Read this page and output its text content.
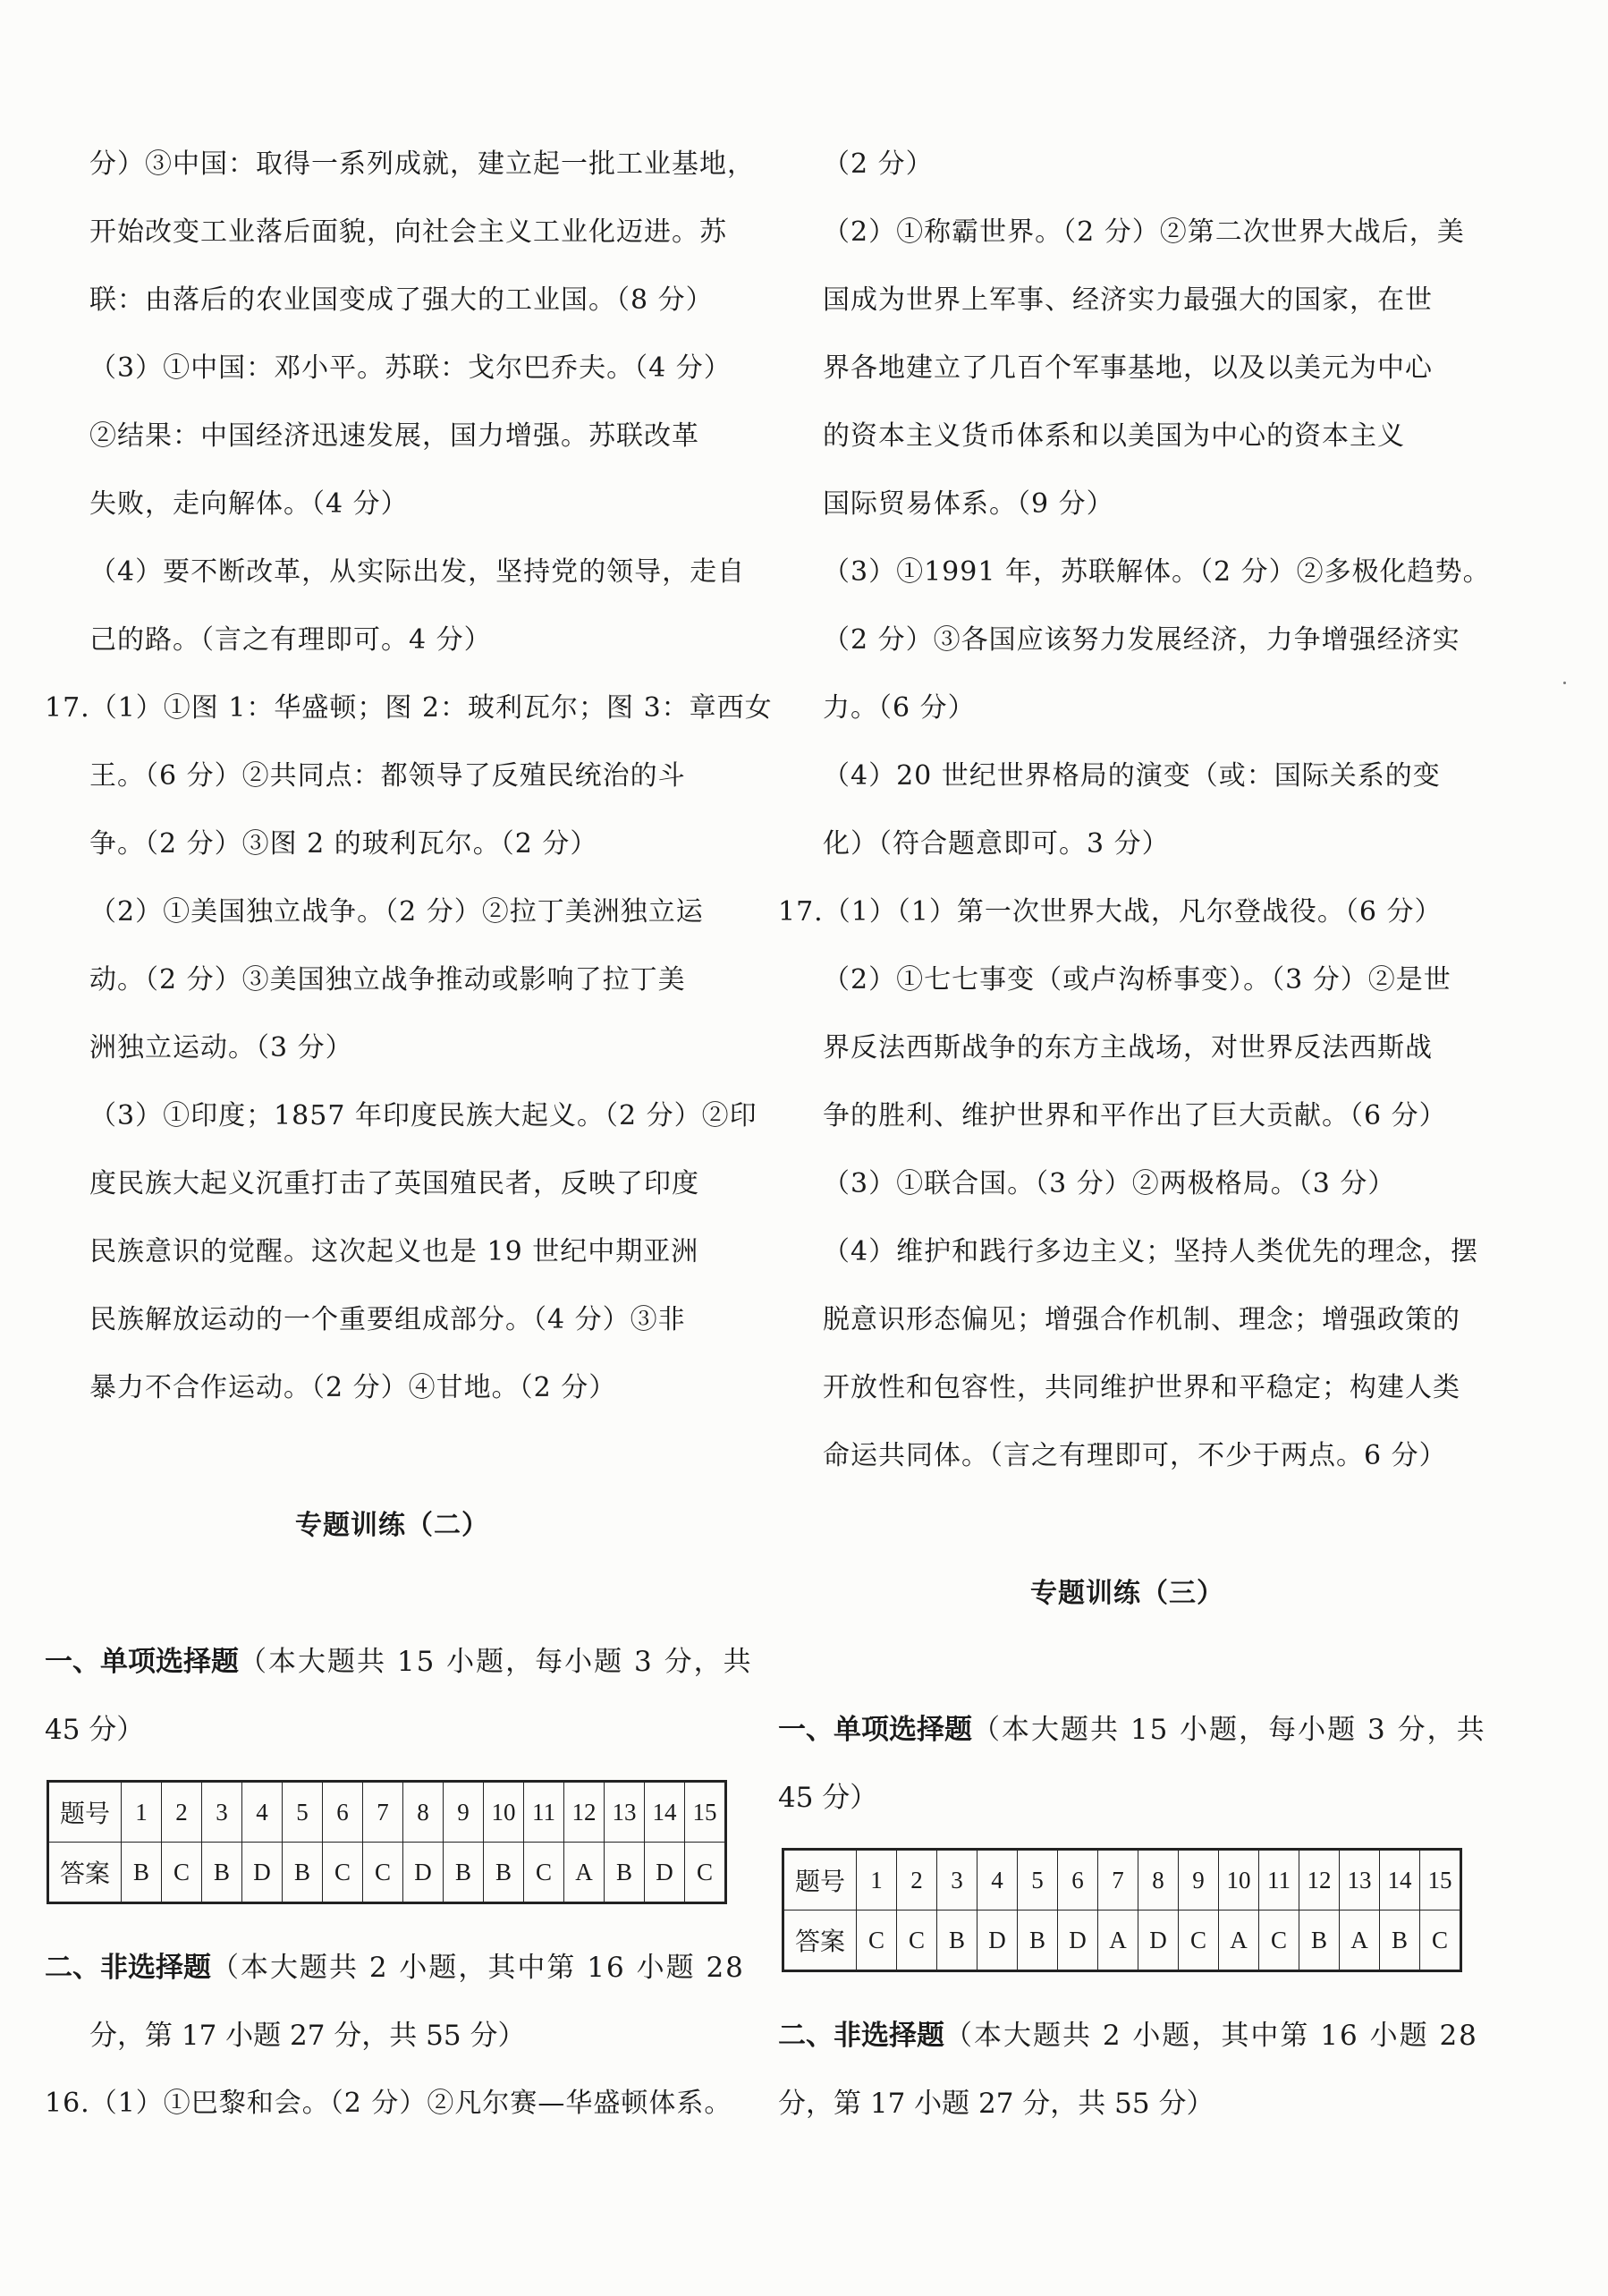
分）③中国：取得一系列成就，建立起一批工业基地，
开始改变工业落后面貌，向社会主义工业化迈进。苏
联：由落后的农业国变成了强大的工业国。（8 分）
（3）①中国：邓小平。苏联：戈尔巴乔夫。（4 分）
②结果：中国经济迅速发展，国力增强。苏联改革
失败，走向解体。（4 分）
（4）要不断改革，从实际出发，坚持党的领导，走自
己的路。（言之有理即可。4 分）
17.（1）①图 1：华盛顿；图 2：玻利瓦尔；图 3：章西女
王。（6 分）②共同点：都领导了反殖民统治的斗
争。（2 分）③图 2 的玻利瓦尔。（2 分）
（2）①美国独立战争。（2 分）②拉丁美洲独立运
动。（2 分）③美国独立战争推动或影响了拉丁美
洲独立运动。（3 分）
（3）①印度；1857 年印度民族大起义。（2 分）②印
度民族大起义沉重打击了英国殖民者，反映了印度
民族意识的觉醒。这次起义也是 19 世纪中期亚洲
民族解放运动的一个重要组成部分。（4 分）③非
暴力不合作运动。（2 分）④甘地。（2 分）
专题训练（二）
一、单项选择题（本大题共 15 小题，每小题 3 分，共
45 分）
题号	1	2	3	4	5	6	7	8	9	10	11	12	13	14	15
答案	B	C	B	D	B	C	C	D	B	B	C	A	B	D	C
二、非选择题（本大题共 2 小题，其中第 16 小题 28
分，第 17 小题 27 分，共 55 分）
16.（1）①巴黎和会。（2 分）②凡尔赛—华盛顿体系。
（2 分）
（2）①称霸世界。（2 分）②第二次世界大战后，美
国成为世界上军事、经济实力最强大的国家，在世
界各地建立了几百个军事基地，以及以美元为中心
的资本主义货币体系和以美国为中心的资本主义
国际贸易体系。（9 分）
（3）①1991 年，苏联解体。（2 分）②多极化趋势。
（2 分）③各国应该努力发展经济，力争增强经济实
力。（6 分）
（4）20 世纪世界格局的演变（或：国际关系的变
化）（符合题意即可。3 分）
17.（1）（1）第一次世界大战，凡尔登战役。（6 分）
（2）①七七事变（或卢沟桥事变）。（3 分）②是世
界反法西斯战争的东方主战场，对世界反法西斯战
争的胜利、维护世界和平作出了巨大贡献。（6 分）
（3）①联合国。（3 分）②两极格局。（3 分）
（4）维护和践行多边主义；坚持人类优先的理念，摆
脱意识形态偏见；增强合作机制、理念；增强政策的
开放性和包容性，共同维护世界和平稳定；构建人类
命运共同体。（言之有理即可，不少于两点。6 分）
专题训练（三）
一、单项选择题（本大题共 15 小题，每小题 3 分，共
45 分）
题号	1	2	3	4	5	6	7	8	9	10	11	12	13	14	15
答案	C	C	B	D	B	D	A	D	C	A	C	B	A	B	C
二、非选择题（本大题共 2 小题，其中第 16 小题 28
分，第 17 小题 27 分，共 55 分）
